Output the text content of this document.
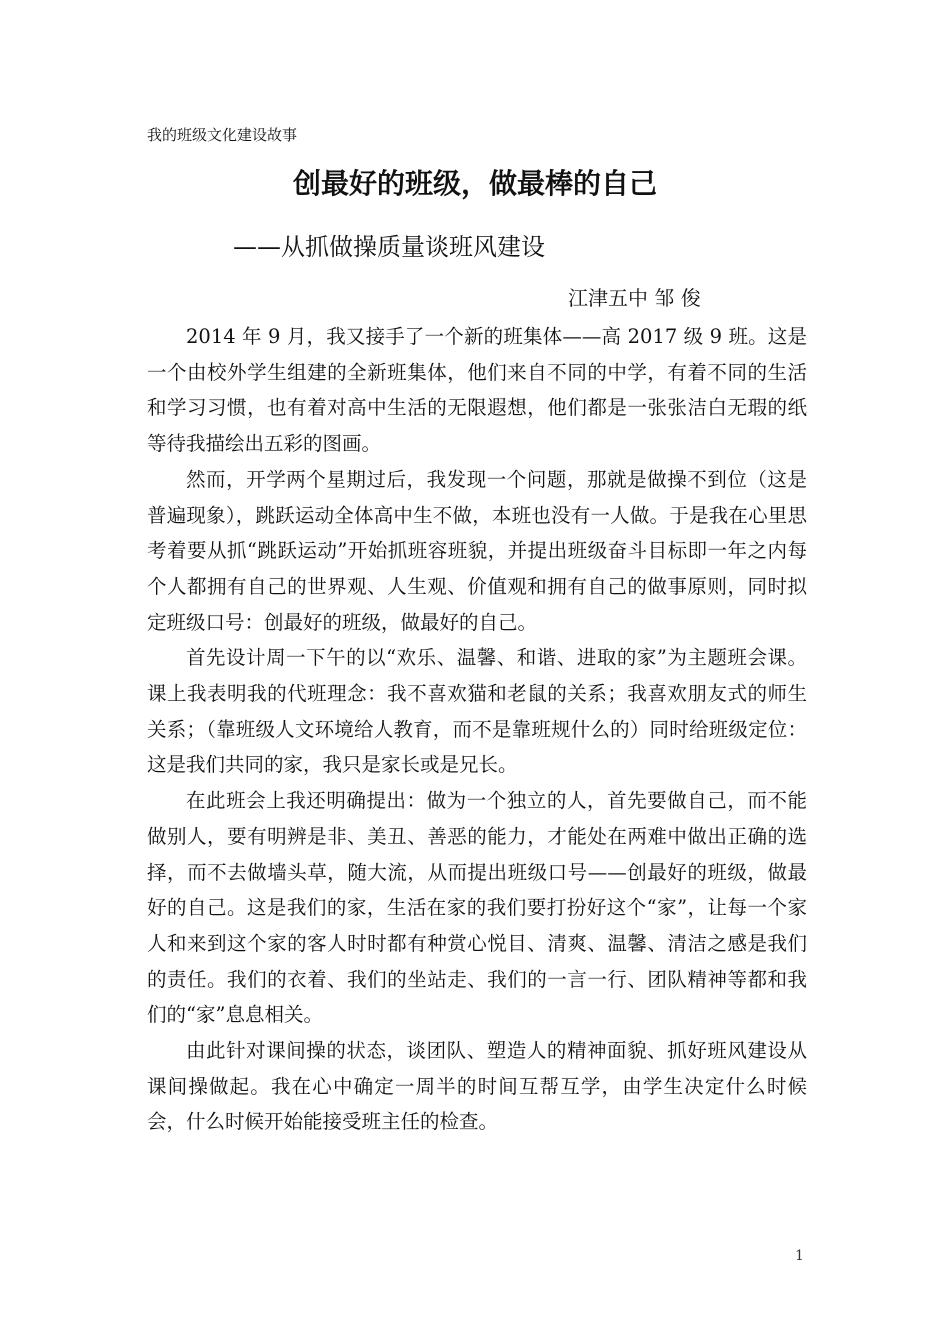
我的班级文化建设故事
创最好的班级，做最棒的自己
——从抓做操质量谈班风建设
江津五中 邹 俊

2014 年 9 月，我又接手了一个新的班集体——高 2017 级 9 班。这是一个由校外学生组建的全新班集体，他们来自不同的中学，有着不同的生活和学习习惯，也有着对高中生活的无限遐想，他们都是一张张洁白无瑕的纸等待我描绘出五彩的图画。

然而，开学两个星期过后，我发现一个问题，那就是做操不到位（这是普遍现象），跳跃运动全体高中生不做，本班也没有一人做。于是我在心里思考着要从抓“跳跃运动”开始抓班容班貌，并提出班级奋斗目标即一年之内每个人都拥有自己的世界观、人生观、价值观和拥有自己的做事原则，同时拟定班级口号：创最好的班级，做最好的自己。

首先设计周一下午的以“欢乐、温馨、和谐、进取的家”为主题班会课。课上我表明我的代班理念：我不喜欢猫和老鼠的关系；我喜欢朋友式的师生关系；（靠班级人文环境给人教育，而不是靠班规什么的）同时给班级定位：这是我们共同的家，我只是家长或是兄长。

在此班会上我还明确提出：做为一个独立的人，首先要做自己，而不能做别人，要有明辨是非、美丑、善恶的能力，才能处在两难中做出正确的选择，而不去做墙头草，随大流，从而提出班级口号——创最好的班级，做最好的自己。这是我们的家，生活在家的我们要打扮好这个“家”，让每一个家人和来到这个家的客人时时都有种赏心悦目、清爽、温馨、清洁之感是我们的责任。我们的衣着、我们的坐站走、我们的一言一行、团队精神等都和我们的“家”息息相关。

由此针对课间操的状态，谈团队、塑造人的精神面貌、抓好班风建设从课间操做起。我在心中确定一周半的时间互帮互学，由学生决定什么时候会，什么时候开始能接受班主任的检查。

1
